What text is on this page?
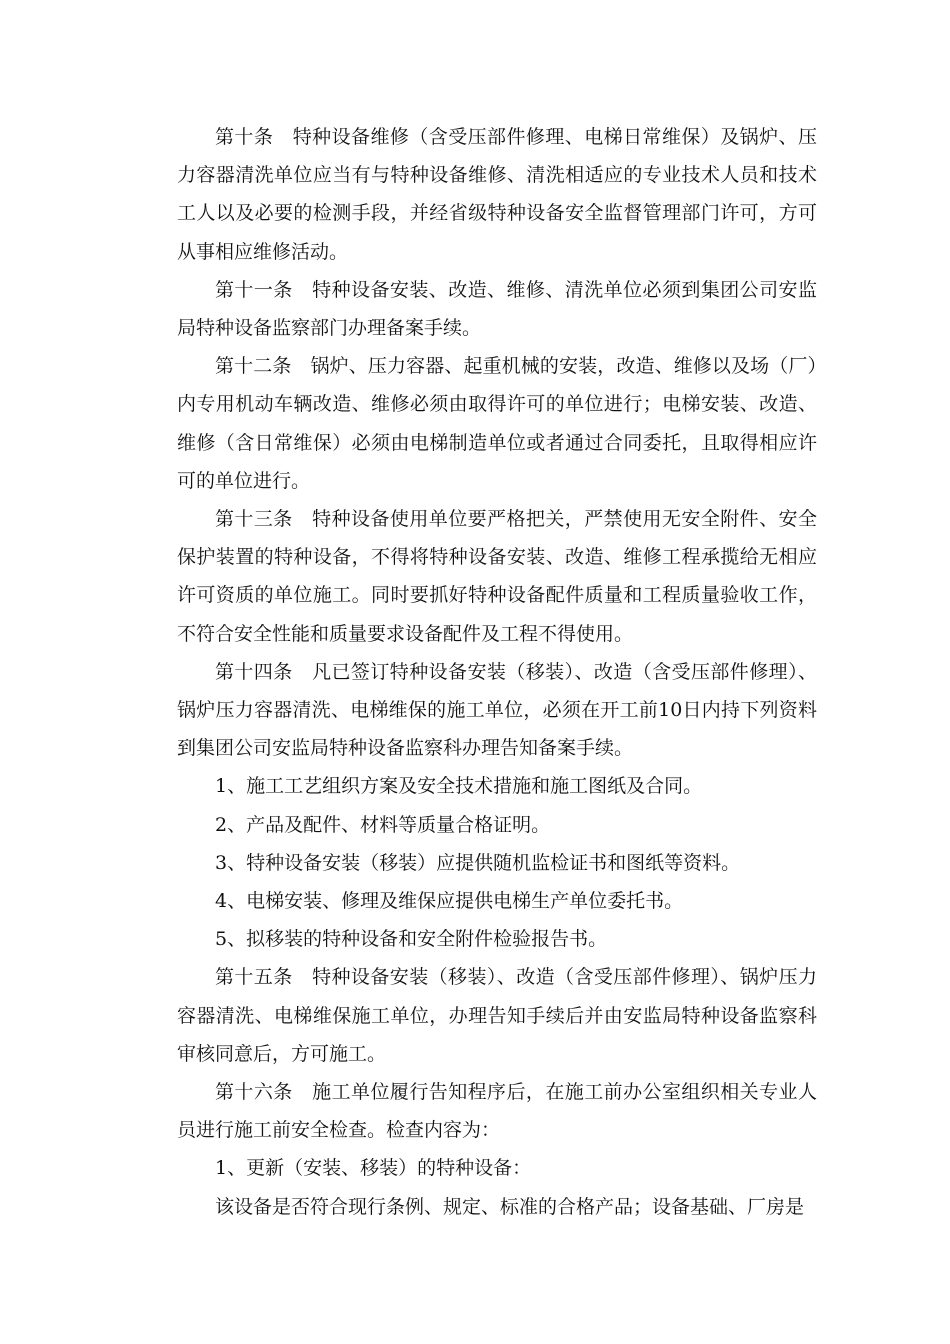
第十条　特种设备维修（含受压部件修理、电梯日常维保）及锅炉、压力容器清洗单位应当有与特种设备维修、清洗相适应的专业技术人员和技术工人以及必要的检测手段，并经省级特种设备安全监督管理部门许可，方可从事相应维修活动。

第十一条　特种设备安装、改造、维修、清洗单位必须到集团公司安监局特种设备监察部门办理备案手续。

第十二条　锅炉、压力容器、起重机械的安装，改造、维修以及场（厂）内专用机动车辆改造、维修必须由取得许可的单位进行；电梯安装、改造、维修（含日常维保）必须由电梯制造单位或者通过合同委托，且取得相应许可的单位进行。

第十三条　特种设备使用单位要严格把关，严禁使用无安全附件、安全保护装置的特种设备，不得将特种设备安装、改造、维修工程承揽给无相应许可资质的单位施工。同时要抓好特种设备配件质量和工程质量验收工作，不符合安全性能和质量要求设备配件及工程不得使用。

第十四条　凡已签订特种设备安装（移装）、改造（含受压部件修理）、锅炉压力容器清洗、电梯维保的施工单位，必须在开工前10日内持下列资料到集团公司安监局特种设备监察科办理告知备案手续。

1、施工工艺组织方案及安全技术措施和施工图纸及合同。

2、产品及配件、材料等质量合格证明。

3、特种设备安装（移装）应提供随机监检证书和图纸等资料。

4、电梯安装、修理及维保应提供电梯生产单位委托书。

5、拟移装的特种设备和安全附件检验报告书。

第十五条　特种设备安装（移装）、改造（含受压部件修理）、锅炉压力容器清洗、电梯维保施工单位，办理告知手续后并由安监局特种设备监察科审核同意后，方可施工。

第十六条　施工单位履行告知程序后，在施工前办公室组织相关专业人员进行施工前安全检查。检查内容为：

1、更新（安装、移装）的特种设备：

该设备是否符合现行条例、规定、标准的合格产品；设备基础、厂房是
